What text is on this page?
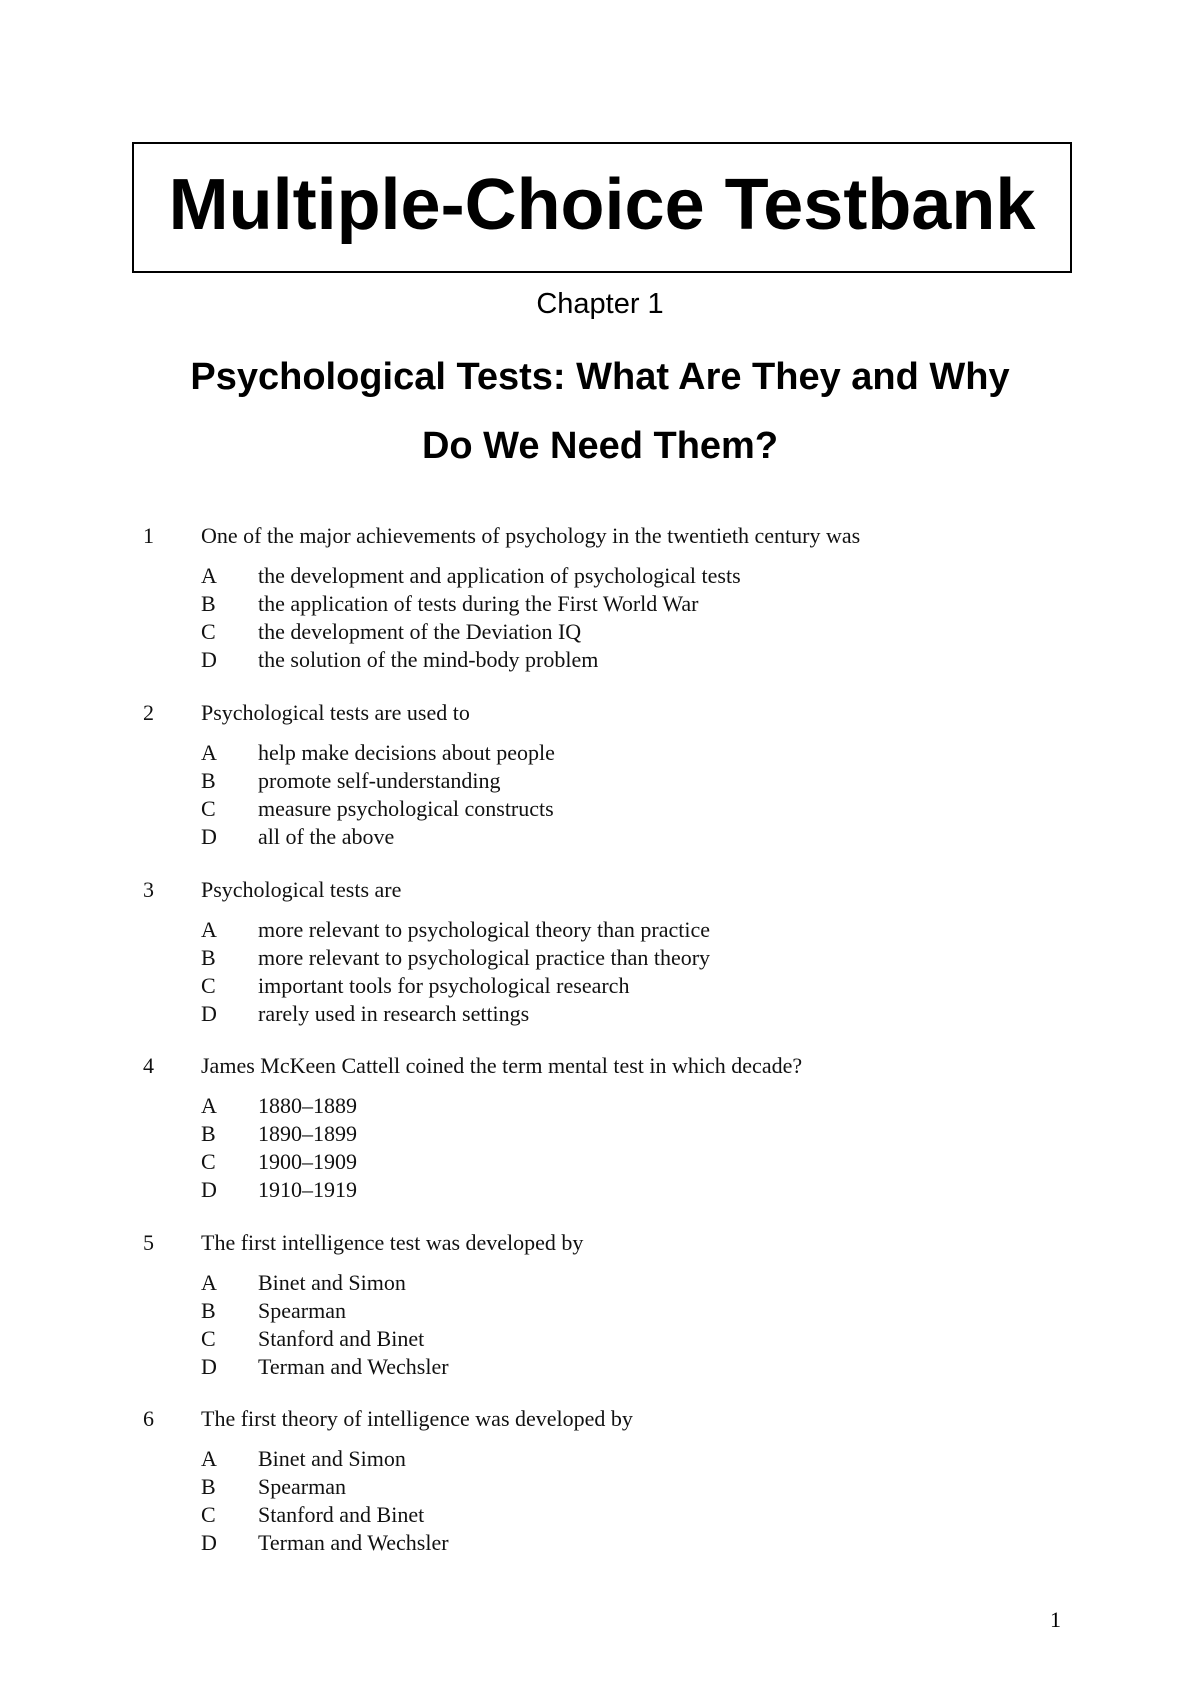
Multiple-Choice Testbank
Chapter 1
Psychological Tests: What Are They and Why
Do We Need Them?
1 One of the major achievements of psychology in the twentieth century was
A the development and application of psychological tests
B the application of tests during the First World War
C the development of the Deviation IQ
D the solution of the mind-body problem
2 Psychological tests are used to
A help make decisions about people
B promote self-understanding
C measure psychological constructs
D all of the above
3 Psychological tests are
A more relevant to psychological theory than practice
B more relevant to psychological practice than theory
C important tools for psychological research
D rarely used in research settings
4 James McKeen Cattell coined the term mental test in which decade?
A 1880–1889
B 1890–1899
C 1900–1909
D 1910–1919
5 The first intelligence test was developed by
A Binet and Simon
B Spearman
C Stanford and Binet
D Terman and Wechsler
6 The first theory of intelligence was developed by
A Binet and Simon
B Spearman
C Stanford and Binet
D Terman and Wechsler
1
